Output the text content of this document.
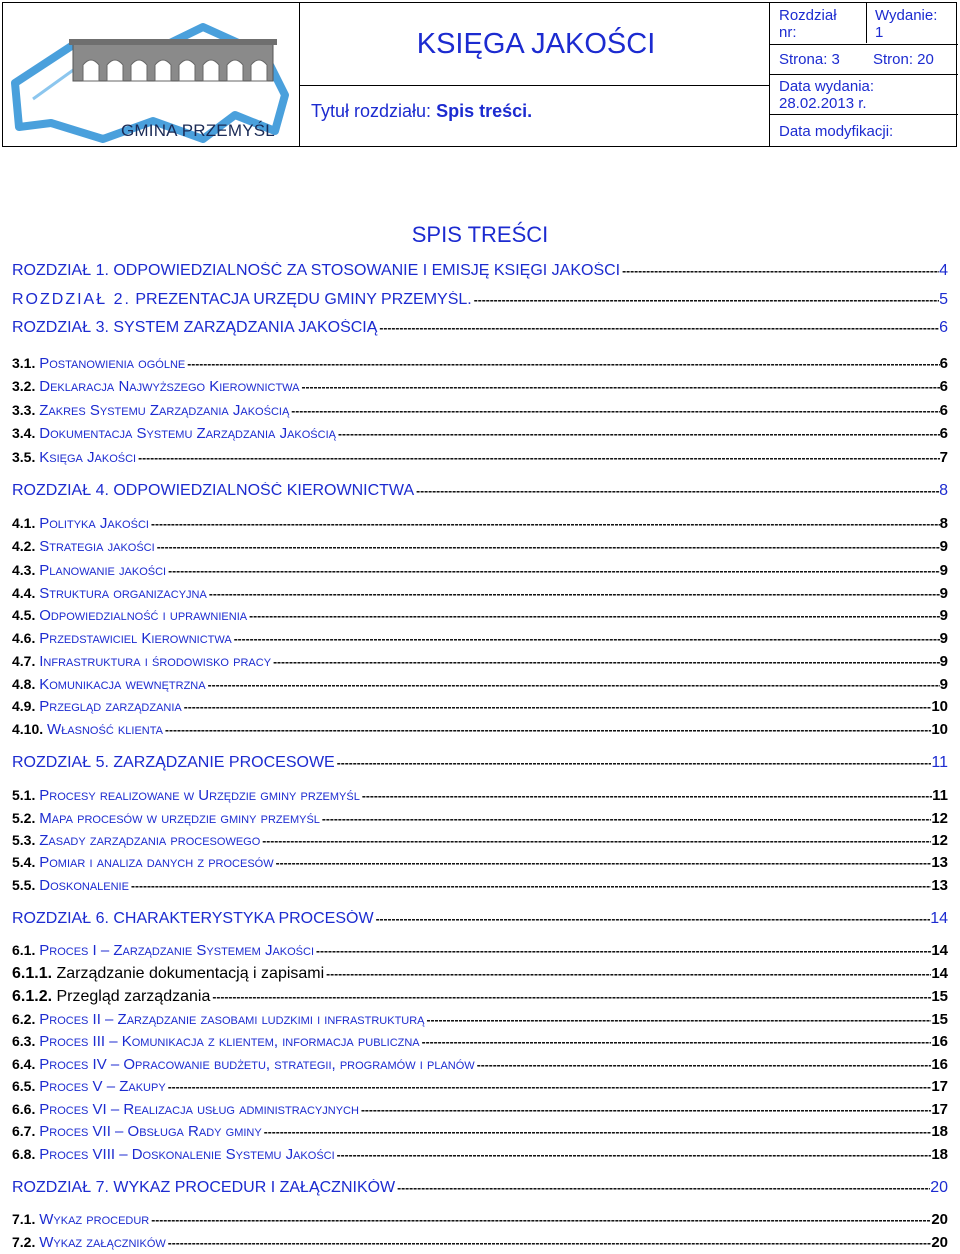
GMINA PRZEMYŚL
KSIĘGA JAKOŚCI
Tytuł rozdziału: Spis treści.
Rozdział
nr:
Wydanie:
1
Strona: 3 Stron: 20
Data wydania:
28.02.2013 r.
Data modyfikacji:
SPIS TREŚCI
ROZDZIAŁ 1. ODPOWIEDZIALNOŚĆ ZA STOSOWANIE I EMISJĘ KSIĘGI JAKOŚCI -----	4
ROZDZIAŁ 2. PREZENTACJA URZĘDU GMINY PRZEMYŚL. -----	5
ROZDZIAŁ 3. SYSTEM ZARZĄDZANIA JAKOŚCIĄ -----	6
3.1. Postanowienia ogólne -----	6
3.2. Deklaracja Najwyższego Kierownictwa -----	6
3.3. Zakres Systemu Zarządzania Jakością -----	6
3.4. Dokumentacja Systemu Zarządzania Jakością -----	6
3.5. Księga Jakości -----	7
ROZDZIAŁ 4. ODPOWIEDZIALNOŚĆ KIEROWNICTWA -----	8
4.1. Polityka Jakości -----	8
4.2. Strategia jakości -----	9
4.3. Planowanie jakości -----	9
4.4. Struktura organizacyjna -----	9
4.5. Odpowiedzialność i uprawnienia -----	9
4.6. Przedstawiciel Kierownictwa -----	9
4.7. Infrastruktura i środowisko pracy -----	9
4.8. Komunikacja wewnętrzna -----	9
4.9. Przegląd zarządzania -----	10
4.10. Własność klienta -----	10
ROZDZIAŁ 5. ZARZĄDZANIE PROCESOWE -----	11
5.1. Procesy realizowane w Urzędzie gminy przemyśl -----	11
5.2. Mapa procesów w urzędzie gminy przemyśl -----	12
5.3. Zasady zarządzania procesowego -----	12
5.4. Pomiar i analiza danych z procesów -----	13
5.5. Doskonalenie -----	13
ROZDZIAŁ 6. CHARAKTERYSTYKA PROCESÓW -----	14
6.1. Proces I – Zarządzanie Systemem Jakości -----	14
6.1.1. Zarządzanie dokumentacją i zapisami -----	14
6.1.2. Przegląd zarządzania -----	15
6.2. Proces II – Zarządzanie zasobami ludzkimi i infrastrukturą -----	15
6.3. Proces III – Komunikacja z klientem, informacja publiczna -----	16
6.4. Proces IV – Opracowanie budżetu, strategii, programów i planów -----	16
6.5. Proces V – Zakupy -----	17
6.6. Proces VI – Realizacja usług administracyjnych -----	17
6.7. Proces VII – Obsługa Rady gminy -----	18
6.8. Proces VIII – Doskonalenie Systemu Jakości -----	18
ROZDZIAŁ 7. WYKAZ PROCEDUR I ZAŁĄCZNIKÓW -----	20
7.1. Wykaz procedur -----	20
7.2. Wykaz załączników -----	20
